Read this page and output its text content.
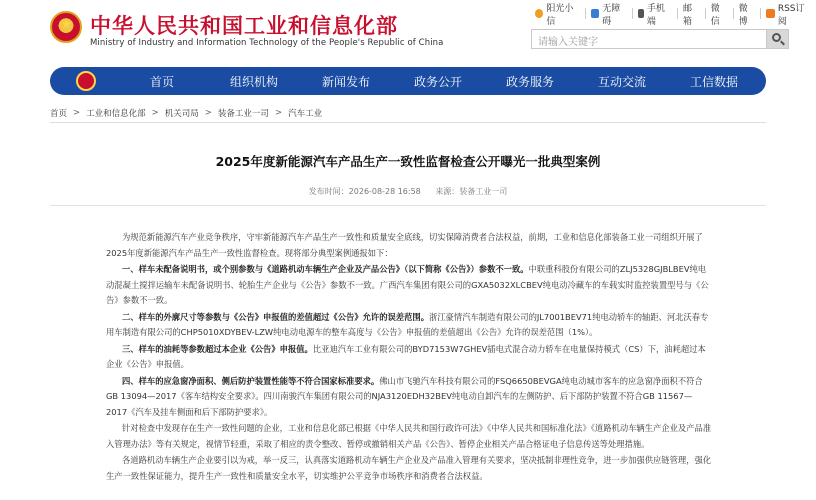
★ 中华人民共和国工业和信息化部
Ministry of Industry and Information Technology of the People's Republic of China
阳光小信
无障碍
手机端
邮箱
微信
微博
RSS订阅
请输入关键字
首页	组织机构	新闻发布	政务公开	政务服务	互动交流	工信数据
首页 > 工业和信息化部 > 机关司局 > 装备工业一司 > 汽车工业
2025年度新能源汽车产品生产一致性监督检查公开曝光一批典型案例
发布时间：2026-08-28 16:58 来源：装备工业一司

为规范新能源汽车产业竞争秩序，守牢新能源汽车产品生产一致性和质量安全底线，切实保障消费者合法权益，前期，工业和信息化部装备工业一司组织开展了2025年度新能源汽车产品生产一致性监督检查。现将部分典型案例通报如下：

一、样车未配备说明书，或个别参数与《道路机动车辆生产企业及产品公告》（以下简称《公告》）参数不一致。中联重科股份有限公司的ZLJ5328GJBLBEV纯电动混凝土搅拌运输车未配备说明书、轮胎生产企业与《公告》参数不一致。广西汽车集团有限公司的GXA5032XLCBEV纯电动冷藏车的车载实时监控装置型号与《公告》参数不一致。

二、样车的外廓尺寸等参数与《公告》申报值的差值超过《公告》允许的误差范围。浙江豪情汽车制造有限公司的JL7001BEV71纯电动轿车的轴距、河北沃春专用车制造有限公司的CHP5010XDYBEV-LZW纯电动电源车的整车高度与《公告》申报值的差值超出《公告》允许的误差范围（1%）。

三、样车的油耗等参数超过本企业《公告》申报值。比亚迪汽车工业有限公司的BYD7153W7GHEV插电式混合动力轿车在电量保持模式（CS）下，油耗超过本企业《公告》申报值。

四、样车的应急窗净面积、侧后防护装置性能等不符合国家标准要求。佛山市飞驰汽车科技有限公司的FSQ6650BEVGA纯电动城市客车的应急窗净面积不符合GB 13094—2017《客车结构安全要求》。四川南骏汽车集团有限公司的NJA3120EDH32BEV纯电动自卸汽车的左侧防护、后下部防护装置不符合GB 11567—2017《汽车及挂车侧面和后下部防护要求》。

针对检查中发现存在生产一致性问题的企业，工业和信息化部已根据《中华人民共和国行政许可法》《中华人民共和国标准化法》《道路机动车辆生产企业及产品准入管理办法》等有关规定，视情节轻重，采取了相应的责令整改、暂停或撤销相关产品《公告》、暂停企业相关产品合格证电子信息传送等处理措施。

各道路机动车辆生产企业要引以为戒，举一反三，认真落实道路机动车辆生产企业及产品准入管理有关要求，坚决抵制非理性竞争，进一步加强供应链管理，强化生产一致性保证能力，提升生产一致性和质量安全水平，切实维护公平竞争市场秩序和消费者合法权益。
